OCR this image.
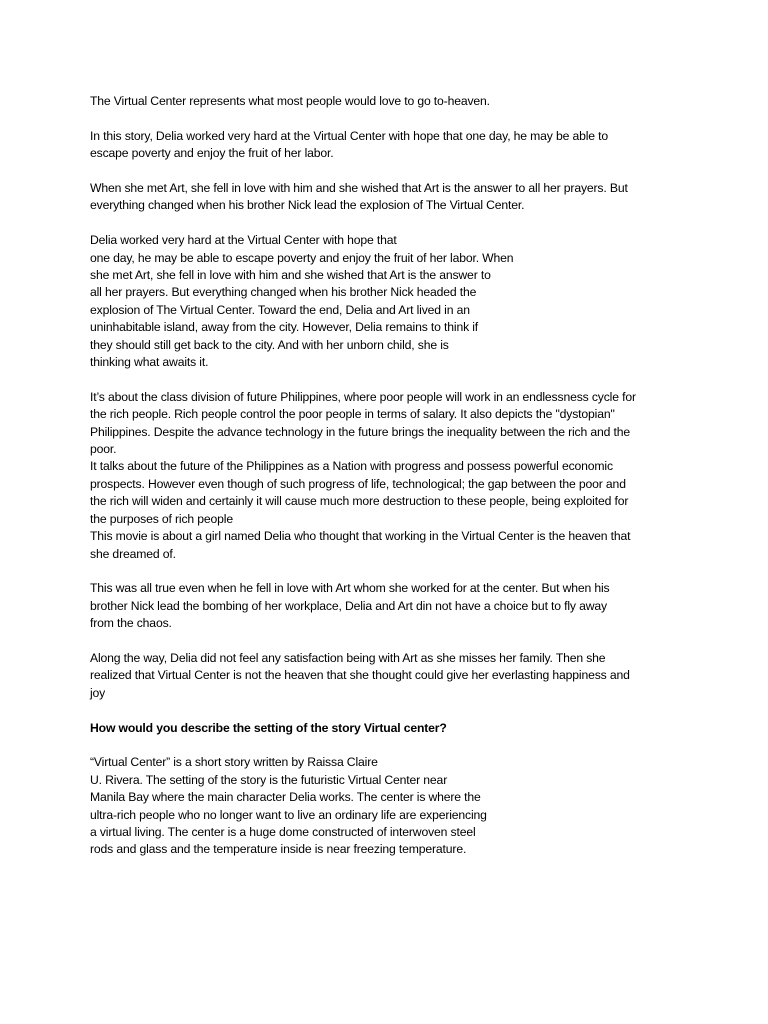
The Virtual Center represents what most people would love to go to-heaven.
In this story, Delia worked very hard at the Virtual Center with hope that one day, he may be able to
escape poverty and enjoy the fruit of her labor.
When she met Art, she fell in love with him and she wished that Art is the answer to all her prayers. But
everything changed when his brother Nick lead the explosion of The Virtual Center.
Delia worked very hard at the Virtual Center with hope that
one day, he may be able to escape poverty and enjoy the fruit of her labor. When
she met Art, she fell in love with him and she wished that Art is the answer to
all her prayers. But everything changed when his brother Nick headed the
explosion of The Virtual Center. Toward the end, Delia and Art lived in an
uninhabitable island, away from the city. However, Delia remains to think if
they should still get back to the city. And with her unborn child, she is
thinking what awaits it.
It’s about the class division of future Philippines, where poor people will work in an endlessness cycle for
the rich people. Rich people control the poor people in terms of salary. It also depicts the "dystopian"
Philippines. Despite the advance technology in the future brings the inequality between the rich and the
poor.
It talks about the future of the Philippines as a Nation with progress and possess powerful economic
prospects. However even though of such progress of life, technological; the gap between the poor and
the rich will widen and certainly it will cause much more destruction to these people, being exploited for
the purposes of rich people
This movie is about a girl named Delia who thought that working in the Virtual Center is the heaven that
she dreamed of.
This was all true even when he fell in love with Art whom she worked for at the center. But when his
brother Nick lead the bombing of her workplace, Delia and Art din not have a choice but to fly away
from the chaos.
Along the way, Delia did not feel any satisfaction being with Art as she misses her family. Then she
realized that Virtual Center is not the heaven that she thought could give her everlasting happiness and
joy
How would you describe the setting of the story Virtual center?
“Virtual Center” is a short story written by Raissa Claire
U. Rivera. The setting of the story is the futuristic Virtual Center near
Manila Bay where the main character Delia works. The center is where the
ultra-rich people who no longer want to live an ordinary life are experiencing
a virtual living. The center is a huge dome constructed of interwoven steel
rods and glass and the temperature inside is near freezing temperature.
